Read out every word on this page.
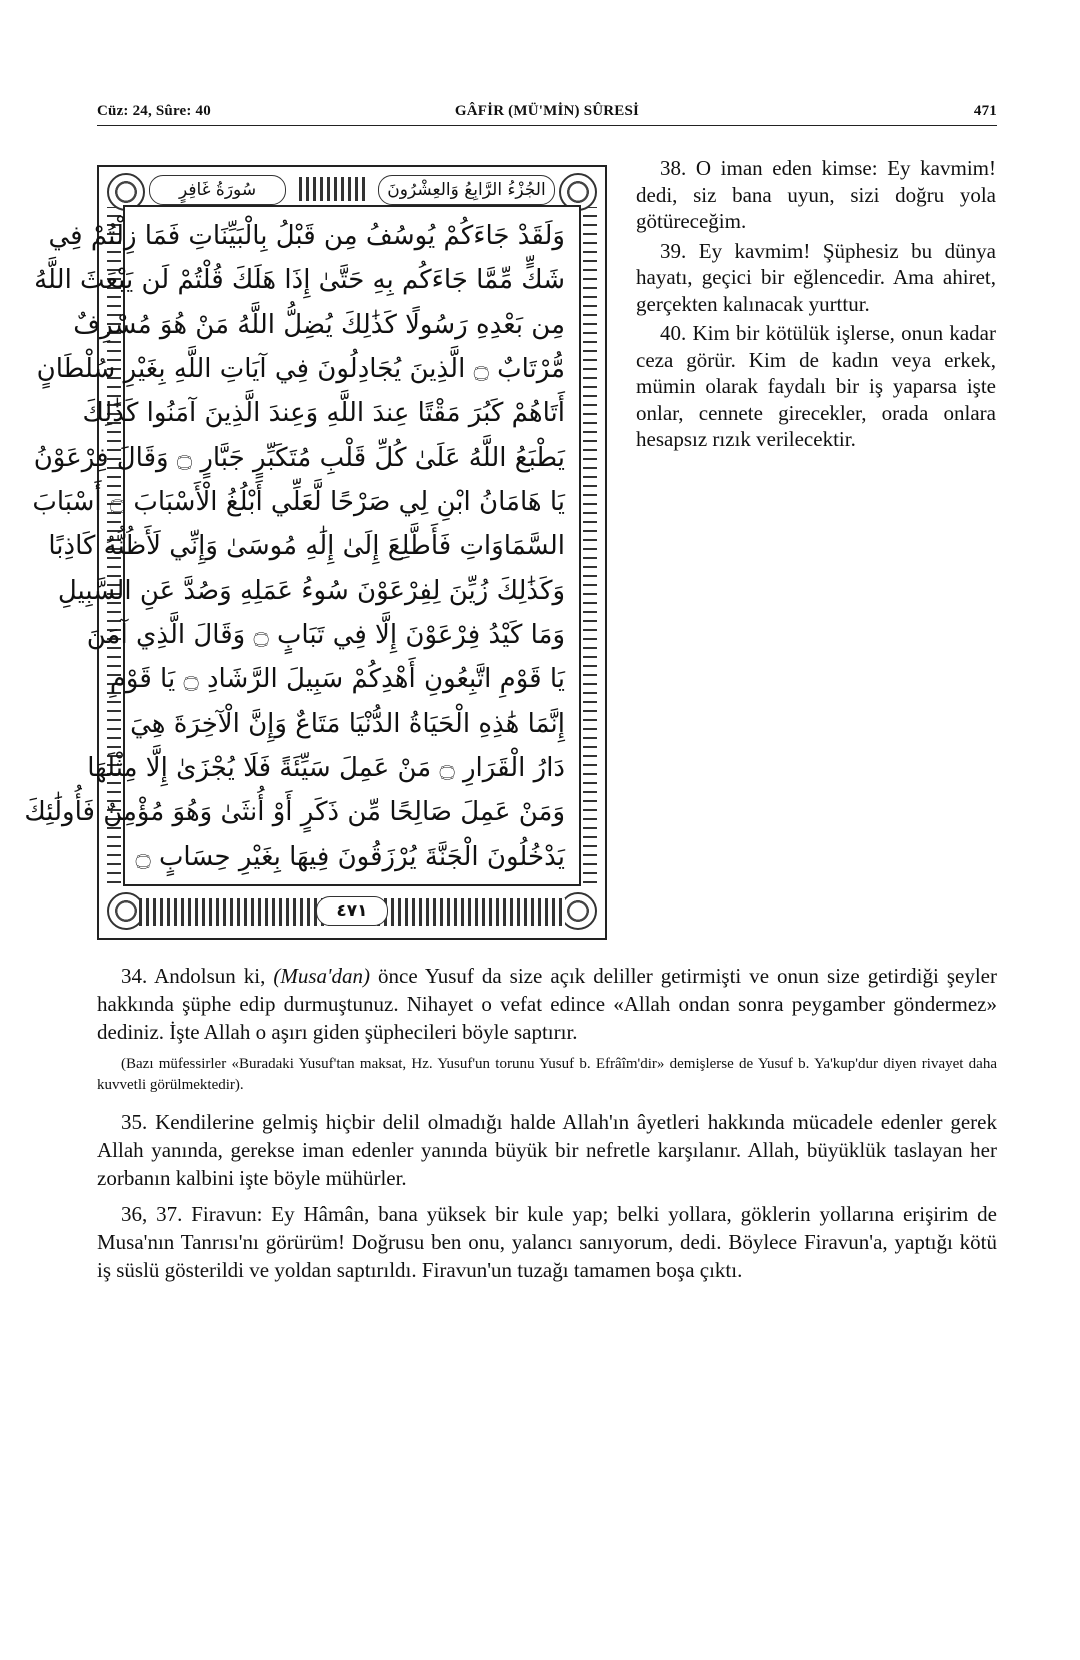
Cüz: 24, Sûre: 40	GÂFİR (MÜ'MİN) SÛRESİ	471
سُورَةُ غَافِرٍ	الجُزْءُ الرَّابِعُ وَالعِشْرُونَ
وَلَقَدْ جَاءَكُمْ يُوسُفُ مِن قَبْلُ بِالْبَيِّنَاتِ فَمَا زِلْتُمْ فِي
شَكٍّ مِّمَّا جَاءَكُم بِهِ حَتَّىٰ إِذَا هَلَكَ قُلْتُمْ لَن يَبْعَثَ اللَّهُ
مِن بَعْدِهِ رَسُولًا كَذَٰلِكَ يُضِلُّ اللَّهُ مَنْ هُوَ مُسْرِفٌ
مُّرْتَابٌ ۝ الَّذِينَ يُجَادِلُونَ فِي آيَاتِ اللَّهِ بِغَيْرِ سُلْطَانٍ
أَتَاهُمْ كَبُرَ مَقْتًا عِندَ اللَّهِ وَعِندَ الَّذِينَ آمَنُوا كَذَٰلِكَ
يَطْبَعُ اللَّهُ عَلَىٰ كُلِّ قَلْبِ مُتَكَبِّرٍ جَبَّارٍ ۝ وَقَالَ فِرْعَوْنُ
يَا هَامَانُ ابْنِ لِي صَرْحًا لَّعَلِّي أَبْلُغُ الْأَسْبَابَ ۝ أَسْبَابَ
السَّمَاوَاتِ فَأَطَّلِعَ إِلَىٰ إِلَٰهِ مُوسَىٰ وَإِنِّي لَأَظُنُّهُ كَاذِبًا
وَكَذَٰلِكَ زُيِّنَ لِفِرْعَوْنَ سُوءُ عَمَلِهِ وَصُدَّ عَنِ السَّبِيلِ
وَمَا كَيْدُ فِرْعَوْنَ إِلَّا فِي تَبَابٍ ۝ وَقَالَ الَّذِي آمَنَ
يَا قَوْمِ اتَّبِعُونِ أَهْدِكُمْ سَبِيلَ الرَّشَادِ ۝ يَا قَوْمِ
إِنَّمَا هَٰذِهِ الْحَيَاةُ الدُّنْيَا مَتَاعٌ وَإِنَّ الْآخِرَةَ هِيَ
دَارُ الْقَرَارِ ۝ مَنْ عَمِلَ سَيِّئَةً فَلَا يُجْزَىٰ إِلَّا مِثْلَهَا
وَمَنْ عَمِلَ صَالِحًا مِّن ذَكَرٍ أَوْ أُنثَىٰ وَهُوَ مُؤْمِنٌ فَأُولَٰئِكَ
يَدْخُلُونَ الْجَنَّةَ يُرْزَقُونَ فِيهَا بِغَيْرِ حِسَابٍ ۝
٤٧١

38. O iman eden kimse: Ey kavmim! dedi, siz bana uyun, sizi doğru yola götüreceğim.

39. Ey kavmim! Şüphesiz bu dünya hayatı, geçici bir eğlencedir. Ama ahiret, gerçekten kalınacak yurttur.

40. Kim bir kötülük işlerse, onun kadar ceza görür. Kim de kadın veya erkek, mümin olarak faydalı bir iş yaparsa işte onlar, cennete girecekler, orada onlara hesapsız rızık verilecektir.

34. Andolsun ki, (Musa'dan) önce Yusuf da size açık deliller getirmişti ve onun size getirdiği şeyler hakkında şüphe edip durmuştunuz. Nihayet o vefat edince «Allah ondan sonra peygamber göndermez» dediniz. İşte Allah o aşırı giden şüphecileri böyle saptırır.

(Bazı müfessirler «Buradaki Yusuf'tan maksat, Hz. Yusuf'un torunu Yusuf b. Efrâîm'dir» demişlerse de Yusuf b. Ya'kup'dur diyen rivayet daha kuvvetli görülmektedir).

35. Kendilerine gelmiş hiçbir delil olmadığı halde Allah'ın âyetleri hakkında mücadele edenler gerek Allah yanında, gerekse iman edenler yanında büyük bir nefretle karşılanır. Allah, büyüklük taslayan her zorbanın kalbini işte böyle mühürler.

36, 37. Firavun: Ey Hâmân, bana yüksek bir kule yap; belki yollara, göklerin yollarına erişirim de Musa'nın Tanrısı'nı görürüm! Doğrusu ben onu, yalancı sanıyorum, dedi. Böylece Firavun'a, yaptığı kötü iş süslü gösterildi ve yoldan saptırıldı. Firavun'un tuzağı tamamen boşa çıktı.
